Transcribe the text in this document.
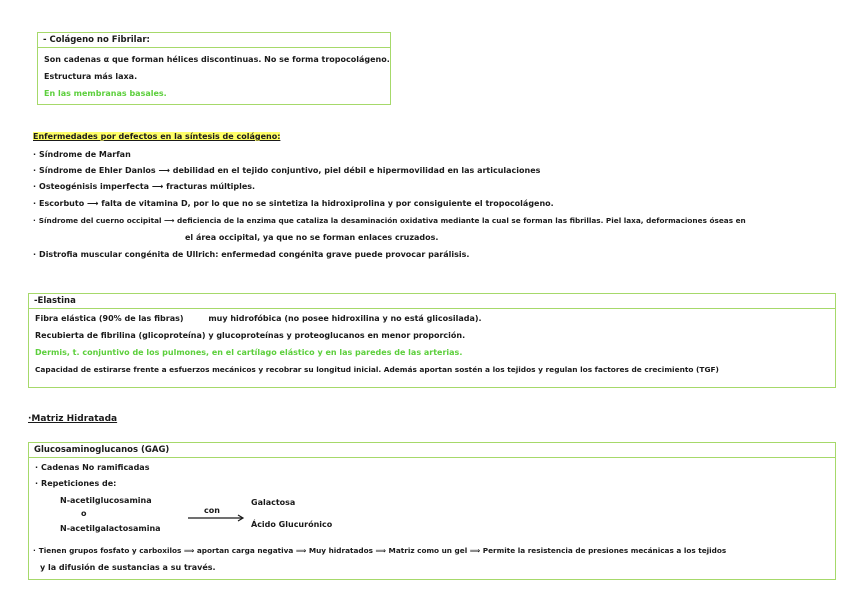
- Colágeno no Fibrilar:
Son cadenas α que forman hélices discontinuas. No se forma tropocolágeno.
Estructura más laxa.
En las membranas basales.
Enfermedades por defectos en la síntesis de colágeno:
· Síndrome de Marfan
· Síndrome de Ehler Danlos ⟶ debilidad en el tejido conjuntivo, piel débil e hipermovilidad en las articulaciones
· Osteogénisis imperfecta ⟶ fracturas múltiples.
· Escorbuto ⟶ falta de vitamina D, por lo que no se sintetiza la hidroxiprolina y por consiguiente el tropocolágeno.
· Síndrome del cuerno occipital ⟶ deficiencia de la enzima que cataliza la desaminación oxidativa mediante la cual se forman las fibrillas. Piel laxa, deformaciones óseas en
el área occipital, ya que no se forman enlaces cruzados.
· Distrofia muscular congénita de Ullrich: enfermedad congénita grave puede provocar parálisis.
-Elastina
Fibra elástica (90% de las fibras)	muy hidrofóbica (no posee hidroxilina y no está glicosilada).
Recubierta de fibrilina (glicoproteína) y glucoproteínas y proteoglucanos en menor proporción.
Dermis, t. conjuntivo de los pulmones, en el cartílago elástico y en las paredes de las arterias.
Capacidad de estirarse frente a esfuerzos mecánicos y recobrar su longitud inicial. Además aportan sostén a los tejidos y regulan los factores de crecimiento (TGF)
·Matriz Hidratada
Glucosaminoglucanos (GAG)
· Cadenas No ramificadas
· Repeticiones de:
N-acetilglucosamina
o
N-acetilgalactosamina
con
Galactosa
Ácido Glucurónico
· Tienen grupos fosfato y carboxilos ⟹ aportan carga negativa ⟹ Muy hidratados ⟹ Matriz como un gel ⟹ Permite la resistencia de presiones mecánicas a los tejidos
y la difusión de sustancias a su través.
